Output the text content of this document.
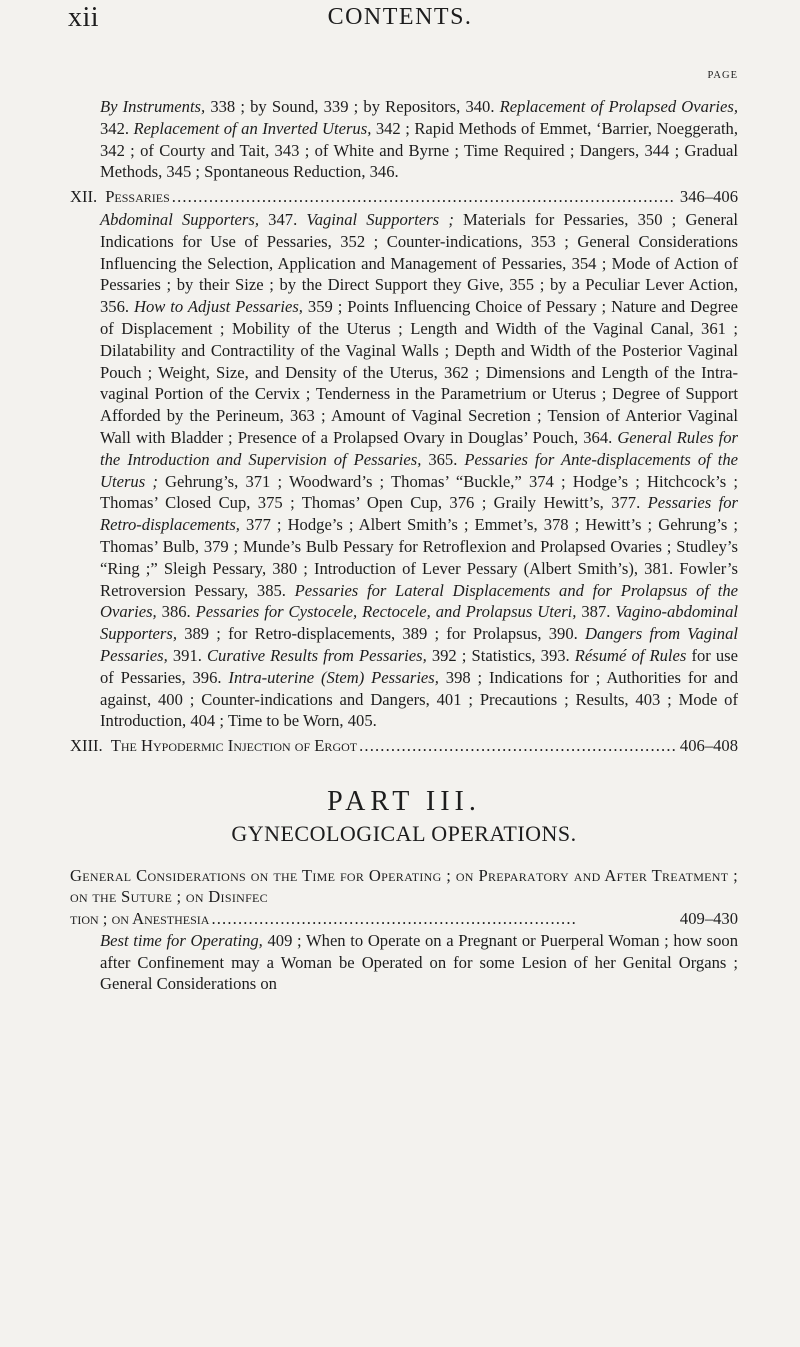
xii	CONTENTS.
PAGE

By Instruments, 338 ; by Sound, 339 ; by Repositors, 340. Replacement of Prolapsed Ovaries, 342. Replacement of an Inverted Uterus, 342 ; Rapid Methods of Emmet, ‘Barrier, Noeggerath, 342 ; of Courty and Tait, 343 ; of White and Byrne ; Time Required ; Dangers, 344 ; Gradual Methods, 345 ; Spontaneous Reduction, 346.

XII. Pessaries . . .	346–406

Abdominal Supporters, 347. Vaginal Supporters ; Materials for Pessaries, 350 ; General Indications for Use of Pessaries, 352 ; Counter-indications, 353 ; General Considerations Influencing the Selection, Application and Management of Pessaries, 354 ; Mode of Action of Pessaries ; by their Size ; by the Direct Support they Give, 355 ; by a Peculiar Lever Action, 356. How to Adjust Pessaries, 359 ; Points Influencing Choice of Pessary ; Nature and Degree of Displacement ; Mobility of the Uterus ; Length and Width of the Vaginal Canal, 361 ; Dilatability and Contractility of the Vaginal Walls ; Depth and Width of the Posterior Vaginal Pouch ; Weight, Size, and Density of the Uterus, 362 ; Dimensions and Length of the Intra-vaginal Portion of the Cervix ; Tenderness in the Parametrium or Uterus ; Degree of Support Afforded by the Perineum, 363 ; Amount of Vaginal Secretion ; Tension of Anterior Vaginal Wall with Bladder ; Presence of a Prolapsed Ovary in Douglas’ Pouch, 364. General Rules for the Introduction and Supervision of Pessaries, 365. Pessaries for Ante-displacements of the Uterus ; Gehrung’s, 371 ; Woodward’s ; Thomas’ “Buckle,” 374 ; Hodge’s ; Hitchcock’s ; Thomas’ Closed Cup, 375 ; Thomas’ Open Cup, 376 ; Graily Hewitt’s, 377. Pessaries for Retro-displacements, 377 ; Hodge’s ; Albert Smith’s ; Emmet’s, 378 ; Hewitt’s ; Gehrung’s ; Thomas’ Bulb, 379 ; Munde’s Bulb Pessary for Retroflexion and Prolapsed Ovaries ; Studley’s “Ring ;” Sleigh Pessary, 380 ; Introduction of Lever Pessary (Albert Smith’s), 381. Fowler’s Retroversion Pessary, 385. Pessaries for Lateral Displacements and for Prolapsus of the Ovaries, 386. Pessaries for Cystocele, Rectocele, and Prolapsus Uteri, 387. Vagino-abdominal Supporters, 389 ; for Retro-displacements, 389 ; for Prolapsus, 390. Dangers from Vaginal Pessaries, 391. Curative Results from Pessaries, 392 ; Statistics, 393. Résumé of Rules for use of Pessaries, 396. Intra-uterine (Stem) Pessaries, 398 ; Indications for ; Authorities for and against, 400 ; Counter-indications and Dangers, 401 ; Precautions ; Results, 403 ; Mode of Introduction, 404 ; Time to be Worn, 405.

XIII. The Hypodermic Injection of Ergot . . .	406–408
PART III.
GYNECOLOGICAL OPERATIONS.

General Considerations on the Time for Operating ; on Preparatory and After Treatment ; on the Suture ; on Disinfec

tion ; on Anesthesia . . .	409–430

Best time for Operating, 409 ; When to Operate on a Pregnant or Puerperal Woman ; how soon after Confinement may a Woman be Operated on for some Lesion of her Genital Organs ; General Considerations on
